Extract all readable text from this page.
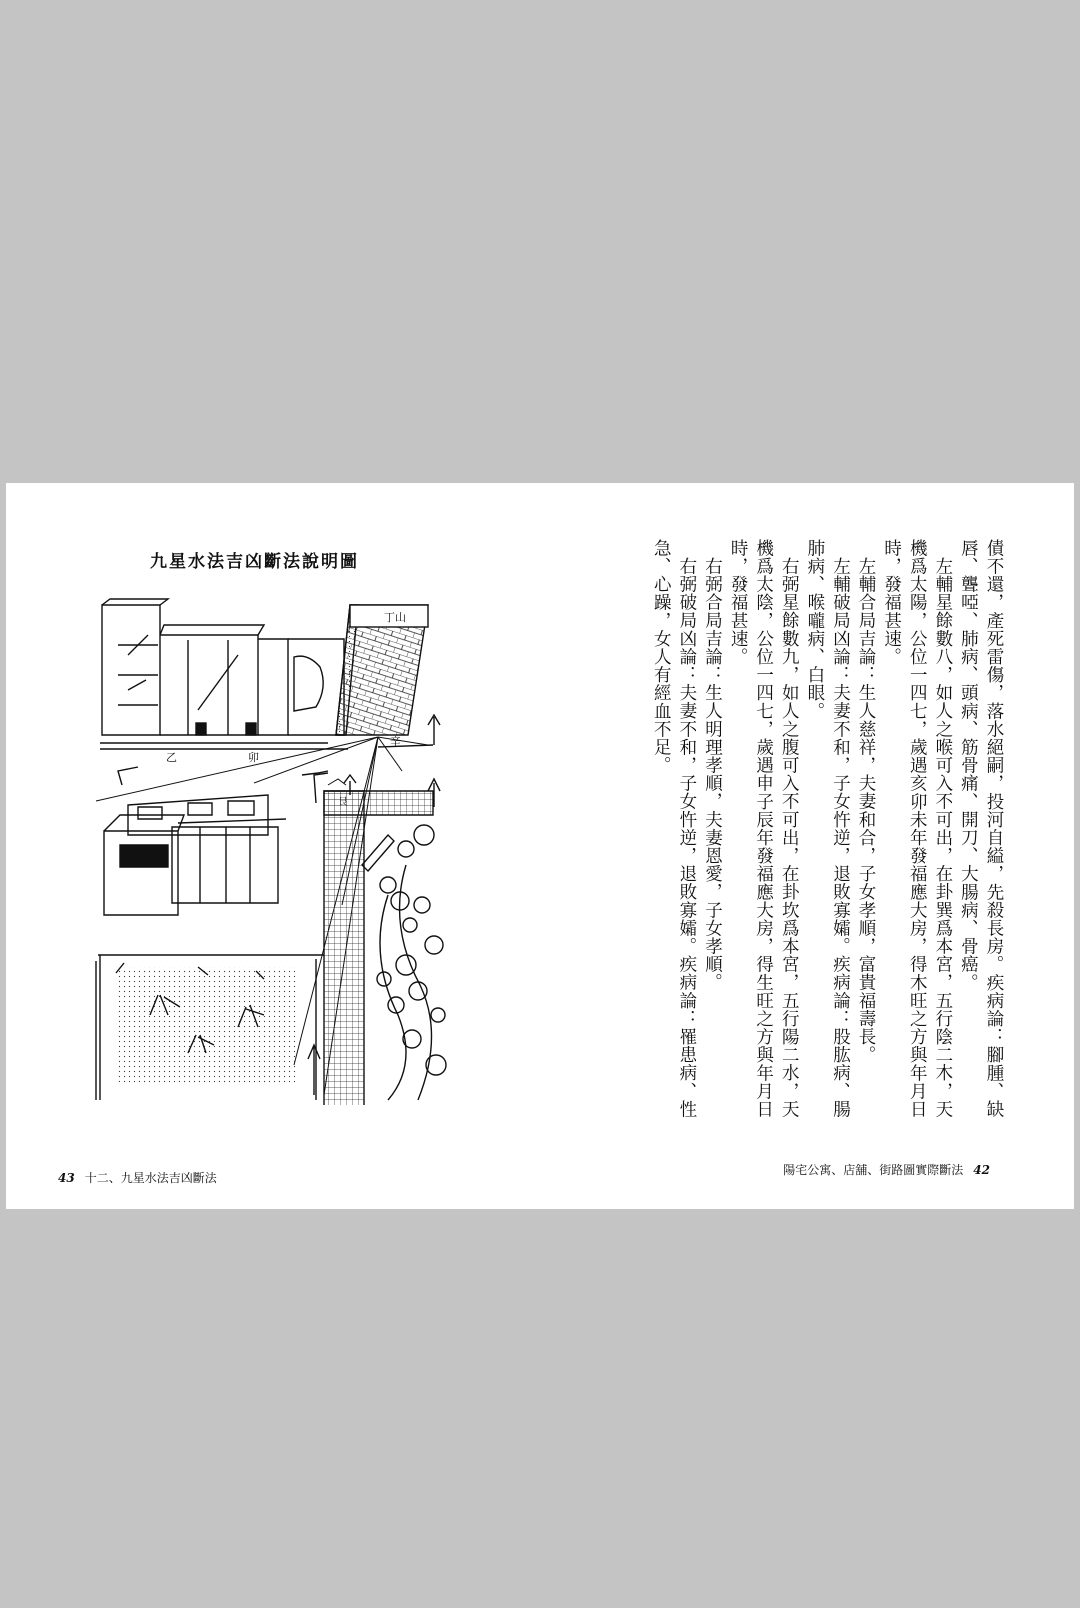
九星水法吉凶斷法說明圖
丁山
乙	卯
辛
艮
43 十二、九星水法吉凶斷法

債不還，產死雷傷，落水絕嗣，投河自縊，先殺長房。疾病論：腳腫、缺唇、聾啞、肺病、頭病、筋骨痛、開刀、大腸病、骨癌。

左輔星餘數八，如人之喉可入不可出，在卦巽爲本宮，五行陰二木，天機爲太陽，公位一四七，歲遇亥卯未年發福應大房，得木旺之方與年月日時，發福甚速。

左輔合局吉論：生人慈祥，夫妻和合，子女孝順，富貴福壽長。

左輔破局凶論：夫妻不和，子女忤逆，退敗寡孀。疾病論：股肱病、腸肺病、喉嚨病、白眼。

右弼星餘數九，如人之腹可入不可出，在卦坎爲本宮，五行陽二水，天機爲太陰，公位一四七，歲遇申子辰年發福應大房，得生旺之方與年月日時，發福甚速。

右弼合局吉論：生人明理孝順，夫妻恩愛，子女孝順。

右弼破局凶論：夫妻不和，子女忤逆，退敗寡孀。疾病論：罹患病、性急、心躁，女人有經血不足。

陽宅公寓、店舖、街路圖實際斷法 42
